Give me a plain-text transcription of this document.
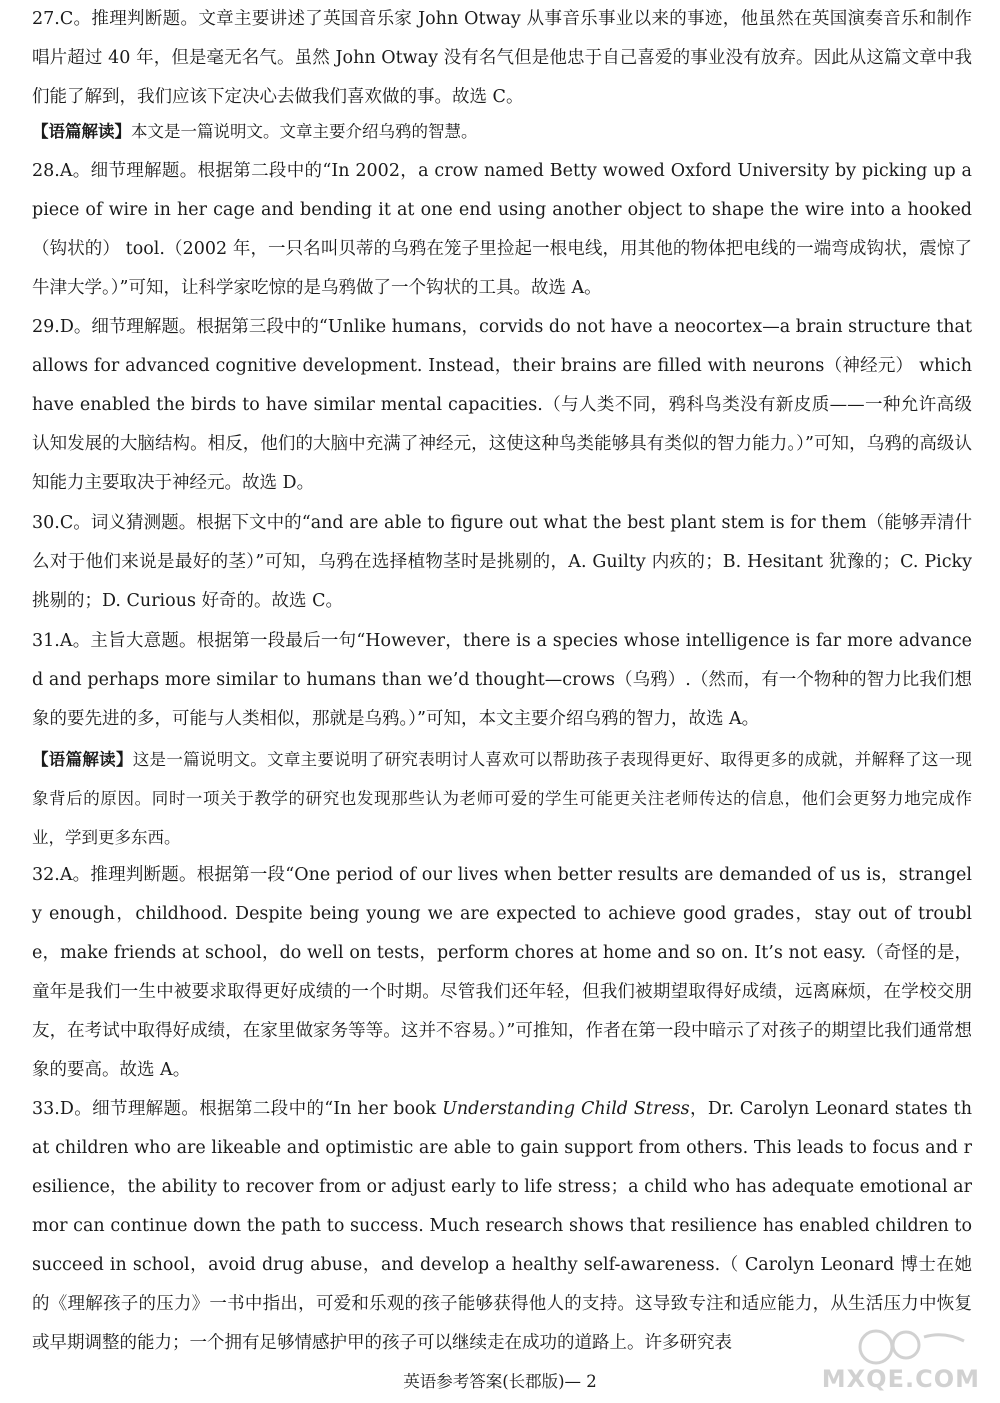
27.C。推理判断题。文章主要讲述了英国音乐家 John Otway 从事音乐事业以来的事迹，他虽然在英国演奏音乐和制作唱片超过 40 年，但是毫无名气。虽然 John Otway 没有名气但是他忠于自己喜爱的事业没有放弃。因此从这篇文章中我们能了解到，我们应该下定决心去做我们喜欢做的事。故选 C。

【语篇解读】本文是一篇说明文。文章主要介绍乌鸦的智慧。

28.A。细节理解题。根据第二段中的“In 2002，a crow named Betty wowed Oxford University by picking up a piece of wire in her cage and bending it at one end using another object to shape the wire into a hooked（钩状的） tool.（2002 年，一只名叫贝蒂的乌鸦在笼子里捡起一根电线，用其他的物体把电线的一端弯成钩状，震惊了牛津大学。）”可知，让科学家吃惊的是乌鸦做了一个钩状的工具。故选 A。

29.D。细节理解题。根据第三段中的“Unlike humans，corvids do not have a neocortex—a brain structure that allows for advanced cognitive development. Instead，their brains are filled with neurons（神经元） which have enabled the birds to have similar mental capacities.（与人类不同，鸦科鸟类没有新皮质——一种允许高级认知发展的大脑结构。相反，他们的大脑中充满了神经元，这使这种鸟类能够具有类似的智力能力。）”可知，乌鸦的高级认知能力主要取决于神经元。故选 D。

30.C。词义猜测题。根据下文中的“and are able to figure out what the best plant stem is for them（能够弄清什么对于他们来说是最好的茎）”可知，乌鸦在选择植物茎时是挑剔的，A. Guilty 内疚的；B. Hesitant 犹豫的；C. Picky 挑剔的；D. Curious 好奇的。故选 C。

31.A。主旨大意题。根据第一段最后一句“However，there is a species whose intelligence is far more advanced and perhaps more similar to humans than we’d thought—crows（乌鸦）.（然而，有一个物种的智力比我们想象的要先进的多，可能与人类相似，那就是乌鸦。）”可知，本文主要介绍乌鸦的智力，故选 A。

【语篇解读】这是一篇说明文。文章主要说明了研究表明讨人喜欢可以帮助孩子表现得更好、取得更多的成就，并解释了这一现象背后的原因。同时一项关于教学的研究也发现那些认为老师可爱的学生可能更关注老师传达的信息，他们会更努力地完成作业，学到更多东西。

32.A。推理判断题。根据第一段“One period of our lives when better results are demanded of us is，strangely enough，childhood. Despite being young we are expected to achieve good grades，stay out of trouble，make friends at school，do well on tests，perform chores at home and so on. It’s not easy.（奇怪的是，童年是我们一生中被要求取得更好成绩的一个时期。尽管我们还年轻，但我们被期望取得好成绩，远离麻烦，在学校交朋友，在考试中取得好成绩，在家里做家务等等。这并不容易。）”可推知，作者在第一段中暗示了对孩子的期望比我们通常想象的要高。故选 A。

33.D。细节理解题。根据第二段中的“In her book Understanding Child Stress，Dr. Carolyn Leonard states that children who are likeable and optimistic are able to gain support from others. This leads to focus and resilience，the ability to recover from or adjust early to life stress；a child who has adequate emotional armor can continue down the path to success. Much research shows that resilience has enabled children to succeed in school，avoid drug abuse，and develop a healthy self-awareness.（ Carolyn Leonard 博士在她的《理解孩子的压力》一书中指出，可爱和乐观的孩子能够获得他人的支持。这导致专注和适应能力，从生活压力中恢复或早期调整的能力；一个拥有足够情感护甲的孩子可以继续走在成功的道路上。许多研究表

MXQE.COM
英语参考答案(长郡版)— 2
